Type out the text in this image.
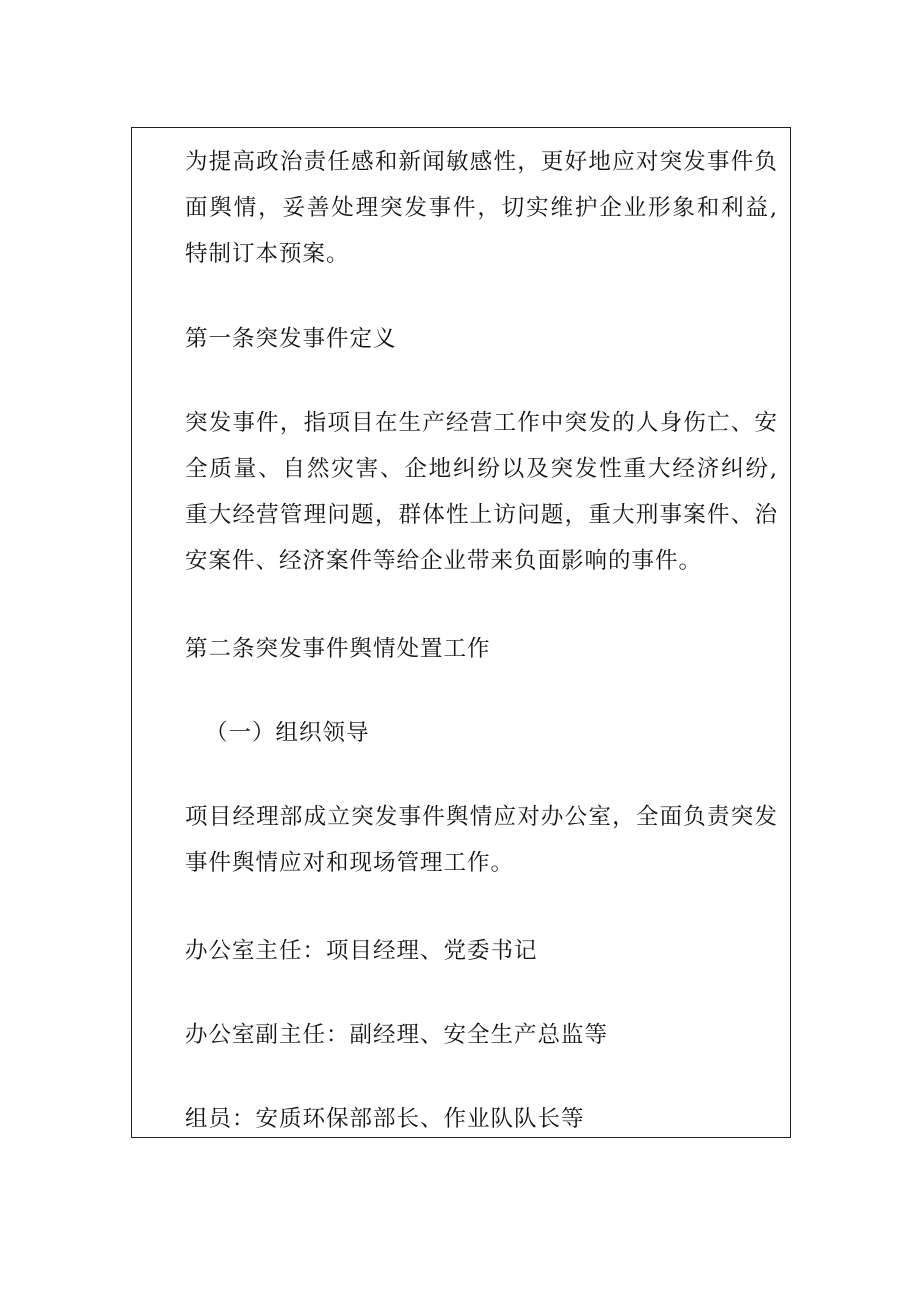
为提高政治责任感和新闻敏感性，更好地应对突发事件负面舆情，妥善处理突发事件，切实维护企业形象和利益,特制订本预案。

第一条突发事件定义

突发事件，指项目在生产经营工作中突发的人身伤亡、安全质量、自然灾害、企地纠纷以及突发性重大经济纠纷,重大经营管理问题，群体性上访问题，重大刑事案件、治安案件、经济案件等给企业带来负面影响的事件。

第二条突发事件舆情处置工作

（一）组织领导

项目经理部成立突发事件舆情应对办公室，全面负责突发事件舆情应对和现场管理工作。

办公室主任：项目经理、党委书记

办公室副主任：副经理、安全生产总监等

组员：安质环保部部长、作业队队长等
